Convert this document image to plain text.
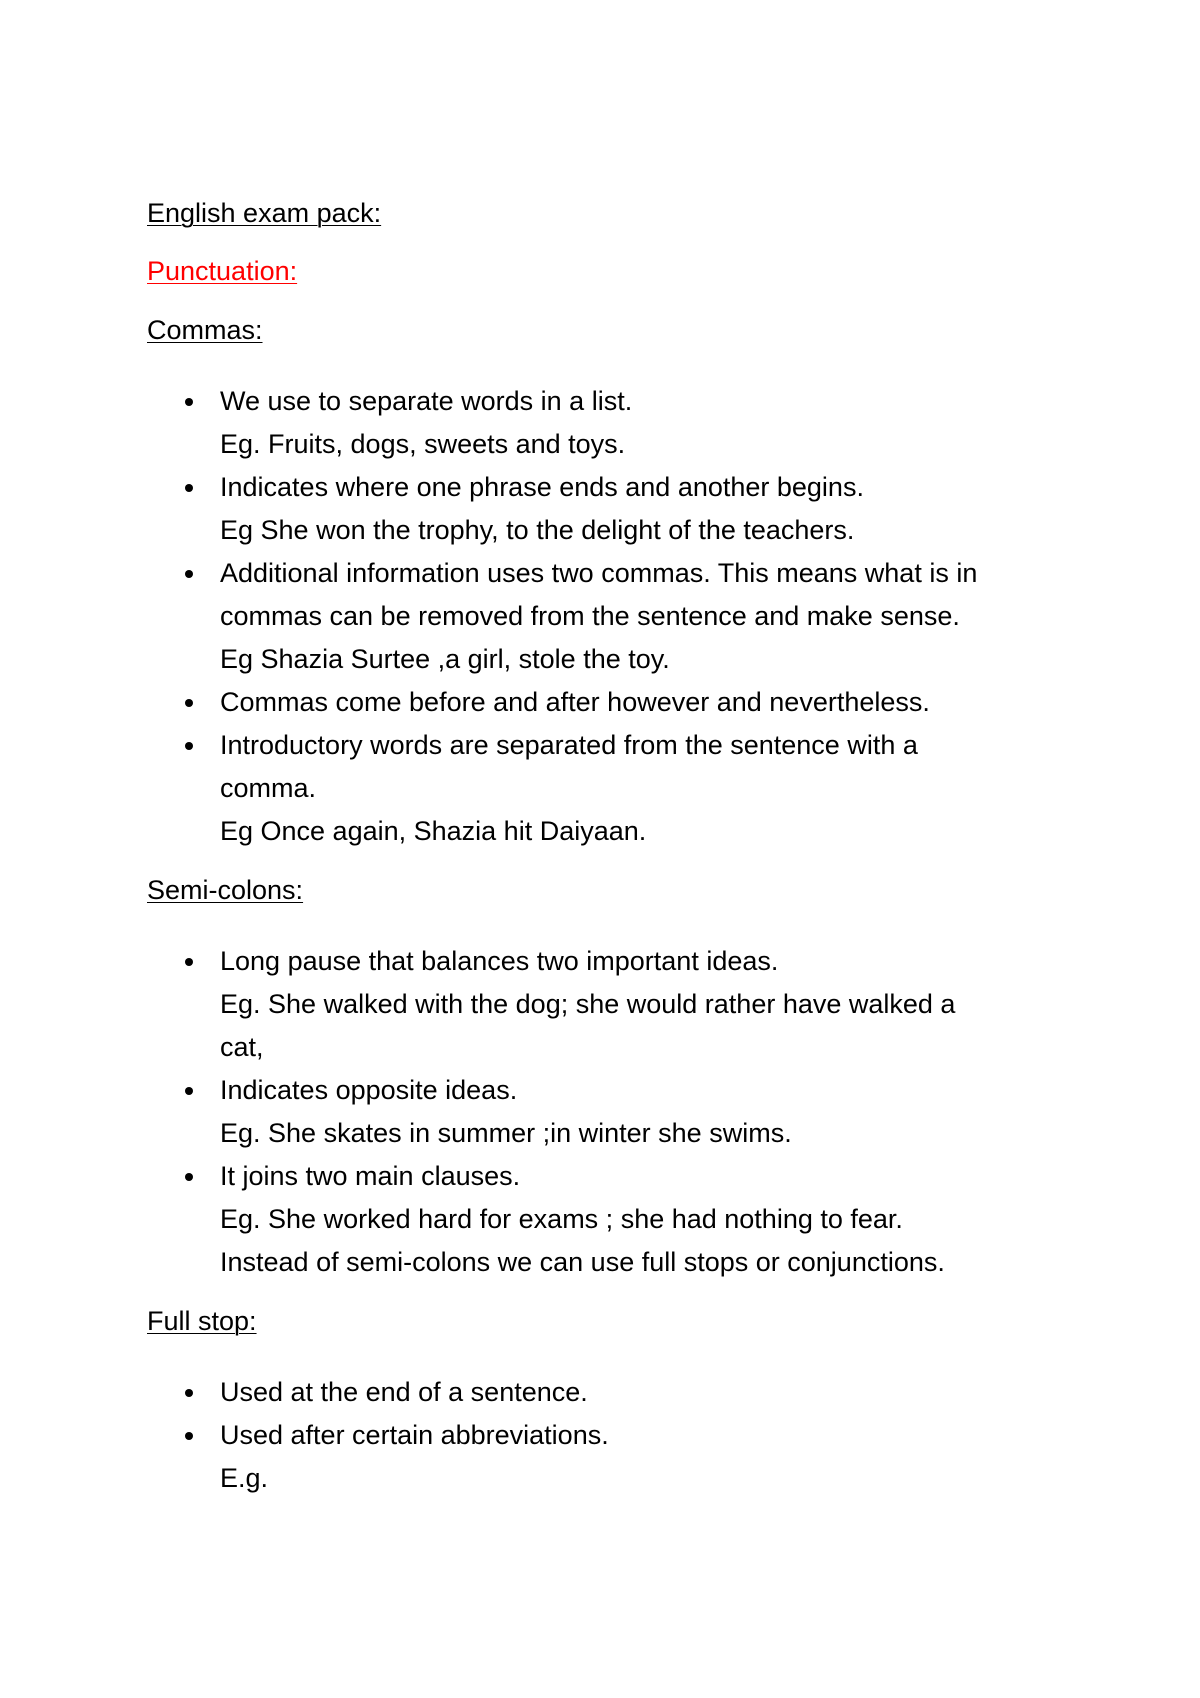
English exam pack:
Punctuation:
Commas:
We use to separate words in a list.
Eg. Fruits, dogs, sweets and toys.
Indicates where one phrase ends and another begins.
Eg She won the trophy, to the delight of the teachers.
Additional information uses two commas. This means what is in
commas can be removed from the sentence and make sense.
Eg Shazia Surtee ,a girl, stole the toy.
Commas come before and after however and nevertheless.
Introductory words are separated from the sentence with a
comma.
Eg Once again, Shazia hit Daiyaan.
Semi-colons:
Long pause that balances two important ideas.
Eg. She walked with the dog; she would rather have walked a
cat,
Indicates opposite ideas.
Eg. She skates in summer ;in winter she swims.
It joins two main clauses.
Eg. She worked hard for exams ; she had nothing to fear.
Instead of semi-colons we can use full stops or conjunctions.
Full stop:
Used at the end of a sentence.
Used after certain abbreviations.
E.g.
